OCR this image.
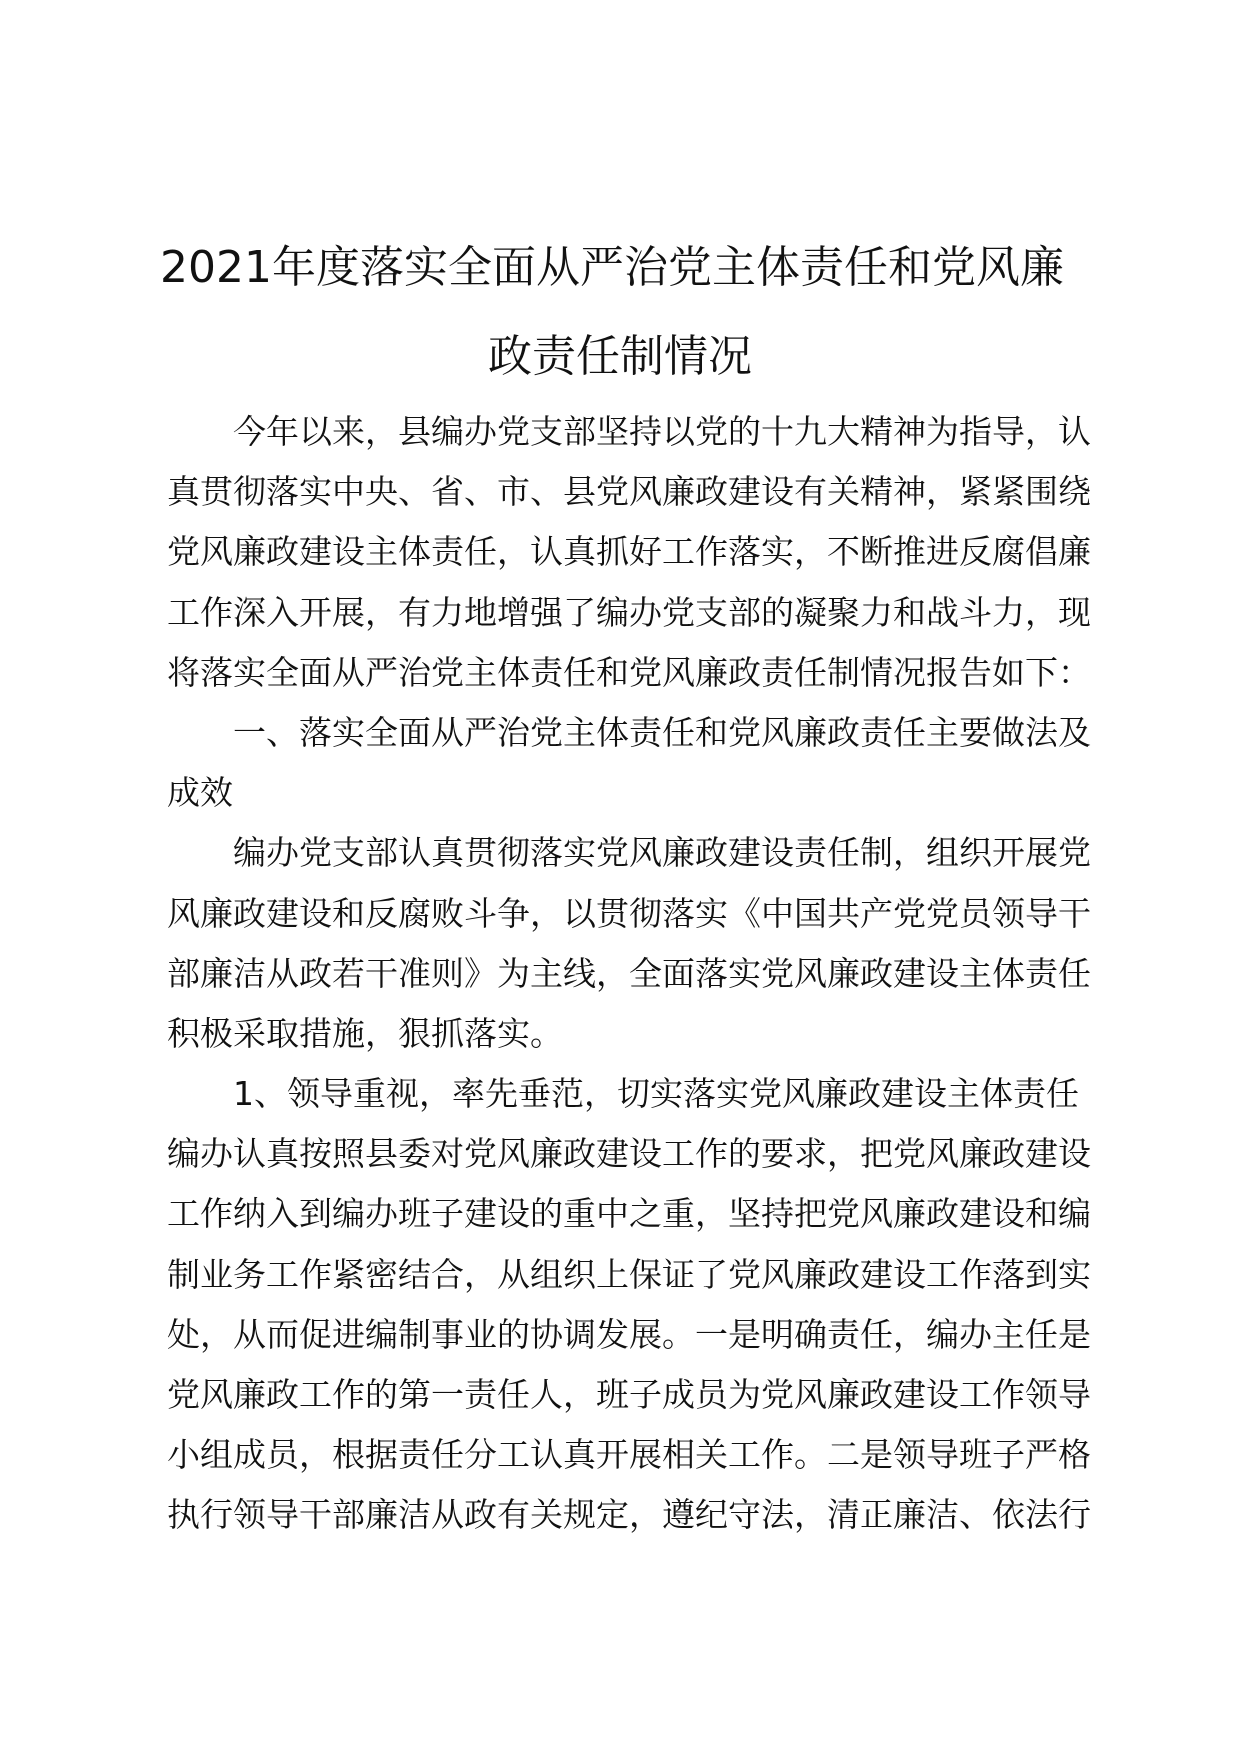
2021年度落实全面从严治党主体责任和党风廉
政责任制情况
今年以来，县编办党支部坚持以党的十九大精神为指导，认
真贯彻落实中央、省、市、县党风廉政建设有关精神，紧紧围绕
党风廉政建设主体责任，认真抓好工作落实，不断推进反腐倡廉
工作深入开展，有力地增强了编办党支部的凝聚力和战斗力，现
将落实全面从严治党主体责任和党风廉政责任制情况报告如下：
一、落实全面从严治党主体责任和党风廉政责任主要做法及
成效
编办党支部认真贯彻落实党风廉政建设责任制，组织开展党
风廉政建设和反腐败斗争，以贯彻落实《中国共产党党员领导干
部廉洁从政若干准则》为主线，全面落实党风廉政建设主体责任
积极采取措施，狠抓落实。
1、领导重视，率先垂范，切实落实党风廉政建设主体责任
编办认真按照县委对党风廉政建设工作的要求，把党风廉政建设
工作纳入到编办班子建设的重中之重，坚持把党风廉政建设和编
制业务工作紧密结合，从组织上保证了党风廉政建设工作落到实
处，从而促进编制事业的协调发展。一是明确责任，编办主任是
党风廉政工作的第一责任人，班子成员为党风廉政建设工作领导
小组成员，根据责任分工认真开展相关工作。二是领导班子严格
执行领导干部廉洁从政有关规定，遵纪守法，清正廉洁、依法行
